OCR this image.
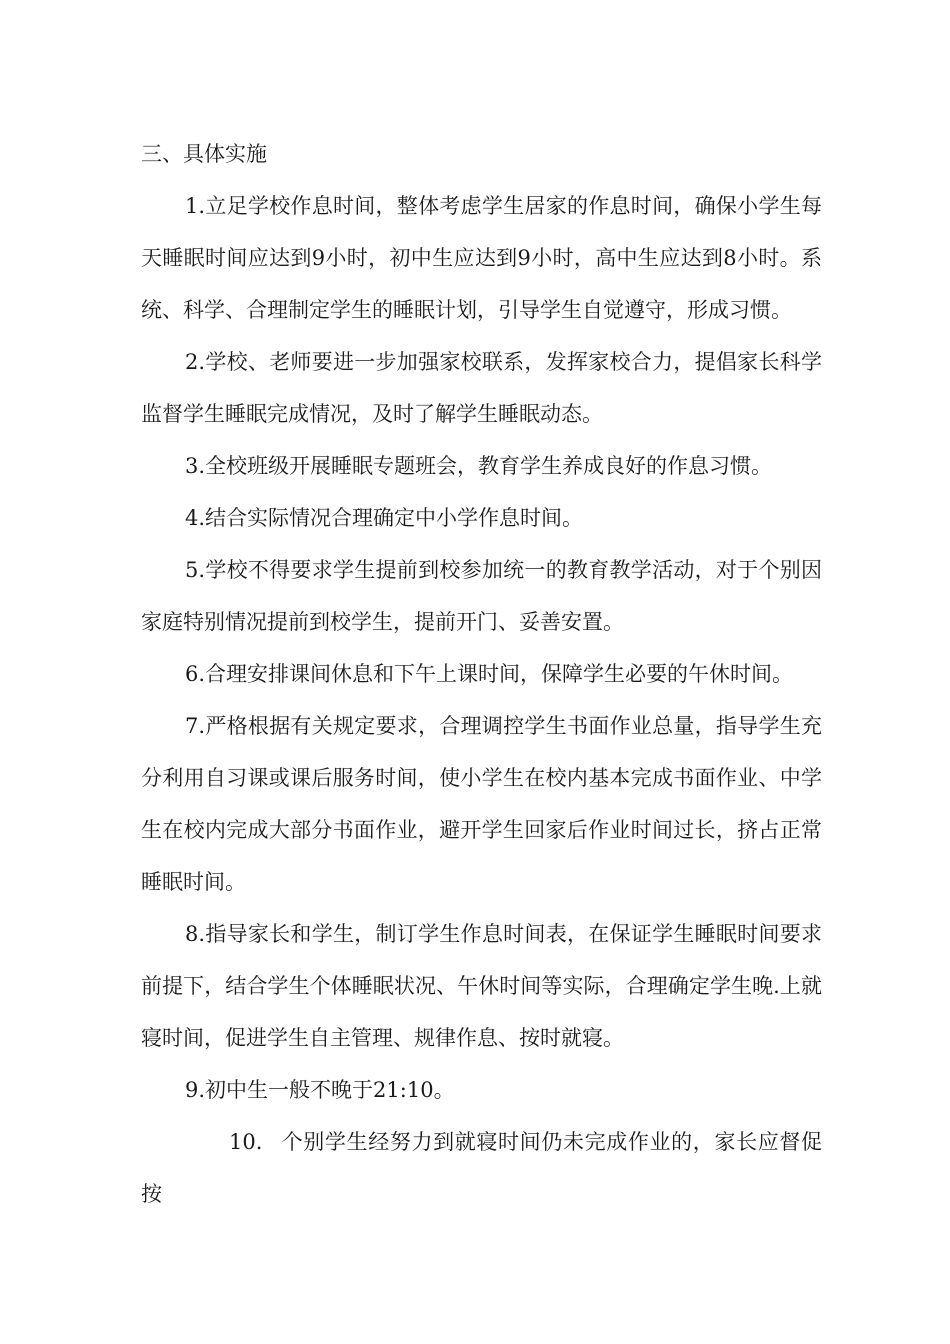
三、具体实施

1.立足学校作息时间，整体考虑学生居家的作息时间，确保小学生每天睡眠时间应达到9小时，初中生应达到9小时，高中生应达到8小时。系统、科学、合理制定学生的睡眠计划，引导学生自觉遵守，形成习惯。

2.学校、老师要进一步加强家校联系，发挥家校合力，提倡家长科学监督学生睡眠完成情况，及时了解学生睡眠动态。

3.全校班级开展睡眠专题班会，教育学生养成良好的作息习惯。

4.结合实际情况合理确定中小学作息时间。

5.学校不得要求学生提前到校参加统一的教育教学活动，对于个别因家庭特别情况提前到校学生，提前开门、妥善安置。

6.合理安排课间休息和下午上课时间，保障学生必要的午休时间。

7.严格根据有关规定要求，合理调控学生书面作业总量，指导学生充分利用自习课或课后服务时间，使小学生在校内基本完成书面作业、中学生在校内完成大部分书面作业，避开学生回家后作业时间过长，挤占正常睡眠时间。

8.指导家长和学生，制订学生作息时间表，在保证学生睡眠时间要求前提下，结合学生个体睡眠状况、午休时间等实际，合理确定学生晚.上就寝时间，促进学生自主管理、规律作息、按时就寝。

9.初中生一般不晚于21:10。

10. 个别学生经努力到就寝时间仍未完成作业的，家长应督促按
